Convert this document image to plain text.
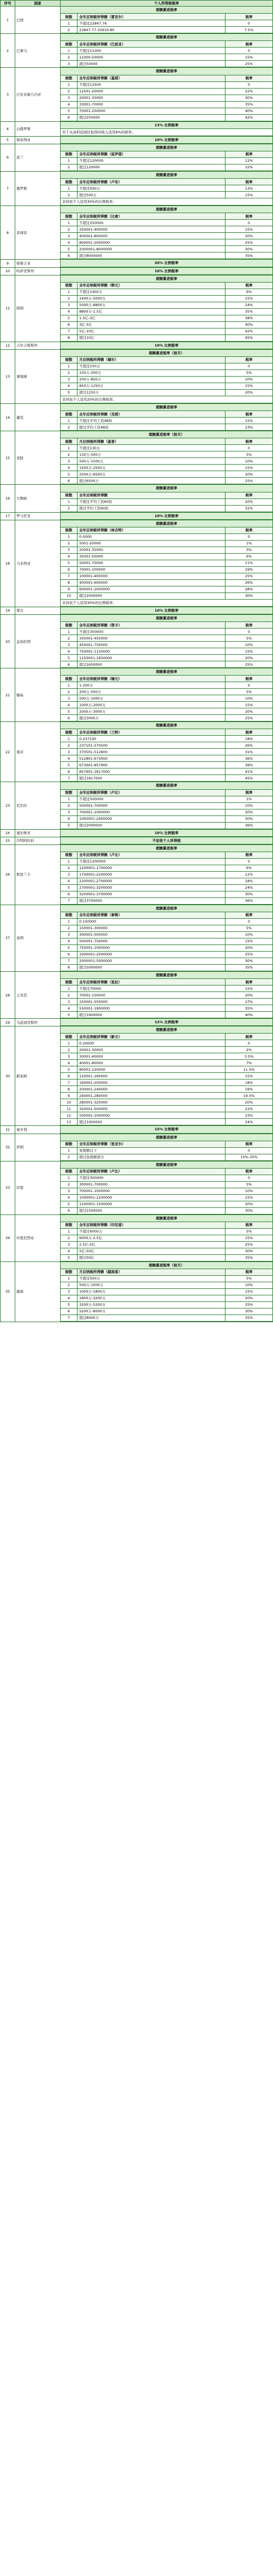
序号	国家	个人所得税税率
1	巴西	
超额累进税率
级数	全年应纳税所得额（雷亚尔）	税率
1	不超过22847.76	0
2	22847.77-33919.80	7.5%

2	巴拿马	
超额累进税率
级数	全年应纳税所得额（巴波亚）	税率
1	不超过11000	0
2	11000-50000	15%
3	超过50000	25%

3	巴布亚新几内亚	
超额累进税率
级数	全年应纳税所得额（基那）	税率
1	不超过12500	0
2	12501-20000	22%
3	20001-33000	30%
4	33001-70000	35%
5	70001-250000	40%
6	超过250000	42%

4	白俄罗斯	
13% 比例税率
对于从高科技园区取得的收入适用9%的税率。

5	保加利亚	10% 比例税率

6	波兰	
超额累进税率
级数	全年应纳税所得额（兹罗提）	税率
1	不超过120000	12%
2	超过120000	32%

7	俄罗斯	
超额累进税率
级数	全年应纳税所得额（卢布）	税率
1	不超过500万	13%
2	超过500万	15%
非居民个人适用30%的比例税率。

8	菲律宾	
超额累进税率
级数	全年应纳税所得额（比索）	税率
1	不超过250000	0
2	250001-400000	15%
3	400001-800000	20%
4	800001-2000000	25%
5	2000001-8000000	30%
6	超过8000000	35%

9	格鲁吉亚	20% 比例税率

10	哈萨克斯坦	10% 比例税率

11	韩国	
超额累进税率
级数	全年应纳税所得额（韩元）	税率
1	不超过1400万	6%
2	1400万-5000万	15%
3	5000万-8800万	24%
4	8800万-1.5亿	35%
5	1.5亿-3亿	38%
6	3亿-5亿	40%
7	5亿-10亿	42%
8	超过10亿	45%

12	吉尔吉斯斯坦	10% 比例税率

13	柬埔寨	
超额累进税率（按月）
级数	月应纳税所得额（瑞尔）	税率
1	不超过150万	0
2	150万-200万	5%
3	200万-850万	10%
4	850万-1250万	15%
5	超过1250万	20%
非居民个人适用20%的比例税率。

14	捷克	
超额累进税率
级数	全年应纳税所得额（克朗）	税率
1	不超过平均工资48倍	15%
2	超过平均工资48倍	23%

15	老挝	
超额累进税率（按月）
级数	月应纳税所得额（基普）	税率
1	不超过130万	0
2	130万-500万	5%
3	500万-1500万	10%
4	1500万-2500万	15%
5	2500万-6500万	20%
6	超过6500万	25%

16	立陶宛	
超额累进税率
级数	全年应纳税所得额	税率
1	不超过平均工资60倍	20%
2	超过平均工资60倍	32%

17	罗马尼亚	10% 比例税率

18	马来西亚	
超额累进税率
级数	全年应纳税所得额（林吉特）	税率
1	0-5000	0
2	5001-20000	1%
3	20001-35000	3%
4	35001-50000	6%
5	50001-70000	11%
6	70001-100000	19%
7	100001-400000	25%
8	400001-600000	26%
9	600001-2000000	28%
10	超过2000000	30%
非居民个人适用30%的比例税率。

19	蒙古	10% 比例税率

20	孟加拉国	
超额累进税率
级数	全年应纳税所得额（塔卡）	税率
1	不超过350000	0
2	350001-450000	5%
3	450001-750000	10%
4	750001-1150000	15%
5	1150001-1650000	20%
6	超过1650000	25%

21	缅甸	
超额累进税率
级数	全年应纳税所得额（缅元）	税率
1	1-200万	0
2	200万-500万	5%
3	500万-1000万	10%
4	1000万-2000万	15%
5	2000万-3000万	20%
6	超过3000万	25%

22	南非	
超额累进税率
级数	全年应纳税所得额（兰特）	税率
1	0-237100	18%
2	237101-370500	26%
3	370501-512800	31%
4	512801-673000	36%
5	673001-857900	39%
6	857901-1817000	41%
7	超过1817000	45%

23	尼泊尔	
超额累进税率
级数	全年应纳税所得额（卢比）	税率
1	不超过500000	1%
2	500001-700000	10%
3	700001-1000000	20%
4	1000001-2000000	30%
5	超过2000000	36%

24	塞尔维亚	10% 比例税率

25	沙特阿拉伯	不征收个人所得税

26	斯里兰卡	
超额累进税率
级数	全年应纳税所得额（卢比）	税率
1	不超过1200000	0
2	1200001-1700000	6%
3	1700001-2200000	12%
4	2200001-2700000	18%
5	2700001-3200000	24%
6	3200001-3700000	30%
7	超过3700000	36%

27	泰国	
超额累进税率
级数	全年应纳税所得额（泰铢）	税率
1	0-150000	0
2	150001-300000	5%
3	300001-500000	10%
4	500001-750000	15%
5	750001-1000000	20%
6	1000001-2000000	25%
7	2000001-5000000	30%
8	超过5000000	35%

28	土耳其	
超额累进税率
级数	全年应纳税所得额（里拉）	税率
1	不超过70000	15%
2	70001-150000	20%
3	150001-550000	27%
4	550001-1900000	35%
5	超过1900000	40%

29	乌兹别克斯坦	12% 比例税率

30	新加坡	
超额累进税率
级数	全年应纳税所得额（新元）	税率
1	0-20000	0
2	20001-30000	2%
3	30001-40000	3.5%
4	40001-80000	7%
5	80001-120000	11.5%
6	120001-160000	15%
7	160001-200000	18%
8	200001-240000	19%
9	240001-280000	19.5%
10	280001-320000	20%
11	320001-500000	22%
12	500001-1000000	23%
13	超过1000000	24%

31	匈牙利	15% 比例税率

32	伊朗	
超额累进税率
级数	全年应纳税所得额（里亚尔）	税率
1	免税额以下	0
2	超过免税额部分	10%-35%

33	印度	
超额累进税率
级数	全年应纳税所得额（卢比）	税率
1	不超过300000	0
2	300001-700000	5%
3	700001-1000000	10%
4	1000001-1200000	15%
5	1200001-1500000	20%
6	超过1500000	30%

34	印度尼西亚	
超额累进税率
级数	全年应纳税所得额（印尼盾）	税率
1	不超过6000万	5%
2	6000万-2.5亿	15%
3	2.5亿-5亿	25%
4	5亿-50亿	30%
5	超过50亿	35%

35	越南	
超额累进税率（按月）
级数	月应纳税所得额（越南盾）	税率
1	不超过500万	5%
2	500万-1000万	10%
3	1000万-1800万	15%
4	1800万-3200万	20%
5	3200万-5200万	25%
6	5200万-8000万	30%
7	超过8000万	35%
